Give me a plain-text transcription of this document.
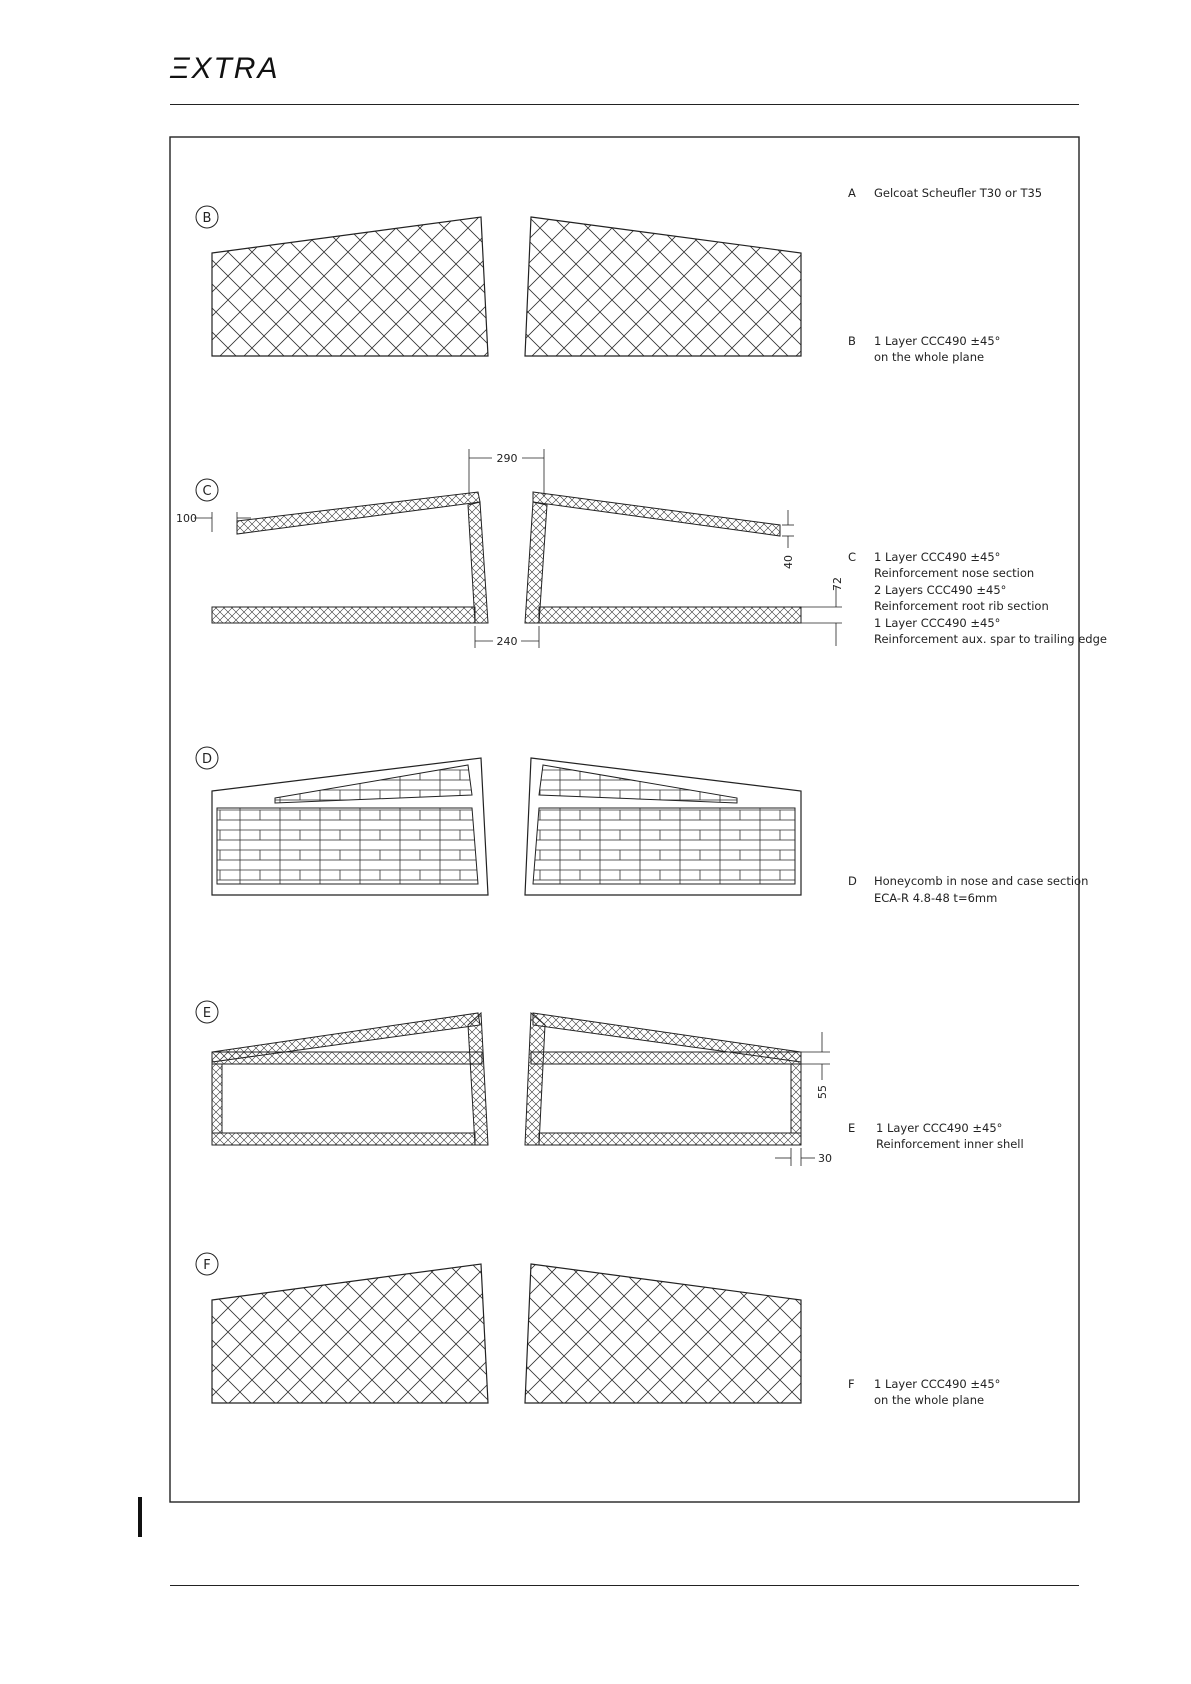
ΞXTRA
B
C
290
100
240
40
72
D
E
55
30
F
A Gelcoat Scheufler T30 or T35
B 1 Layer CCC490 ±45°
on the whole plane
C 1 Layer CCC490 ±45°
Reinforcement nose section
2 Layers CCC490 ±45°
Reinforcement root rib section
1 Layer CCC490 ±45°
Reinforcement aux. spar to trailing edge
D Honeycomb in nose and case section
ECA-R 4.8-48 t=6mm
E 1 Layer CCC490 ±45°
Reinforcement inner shell
F 1 Layer CCC490 ±45°
on the whole plane
